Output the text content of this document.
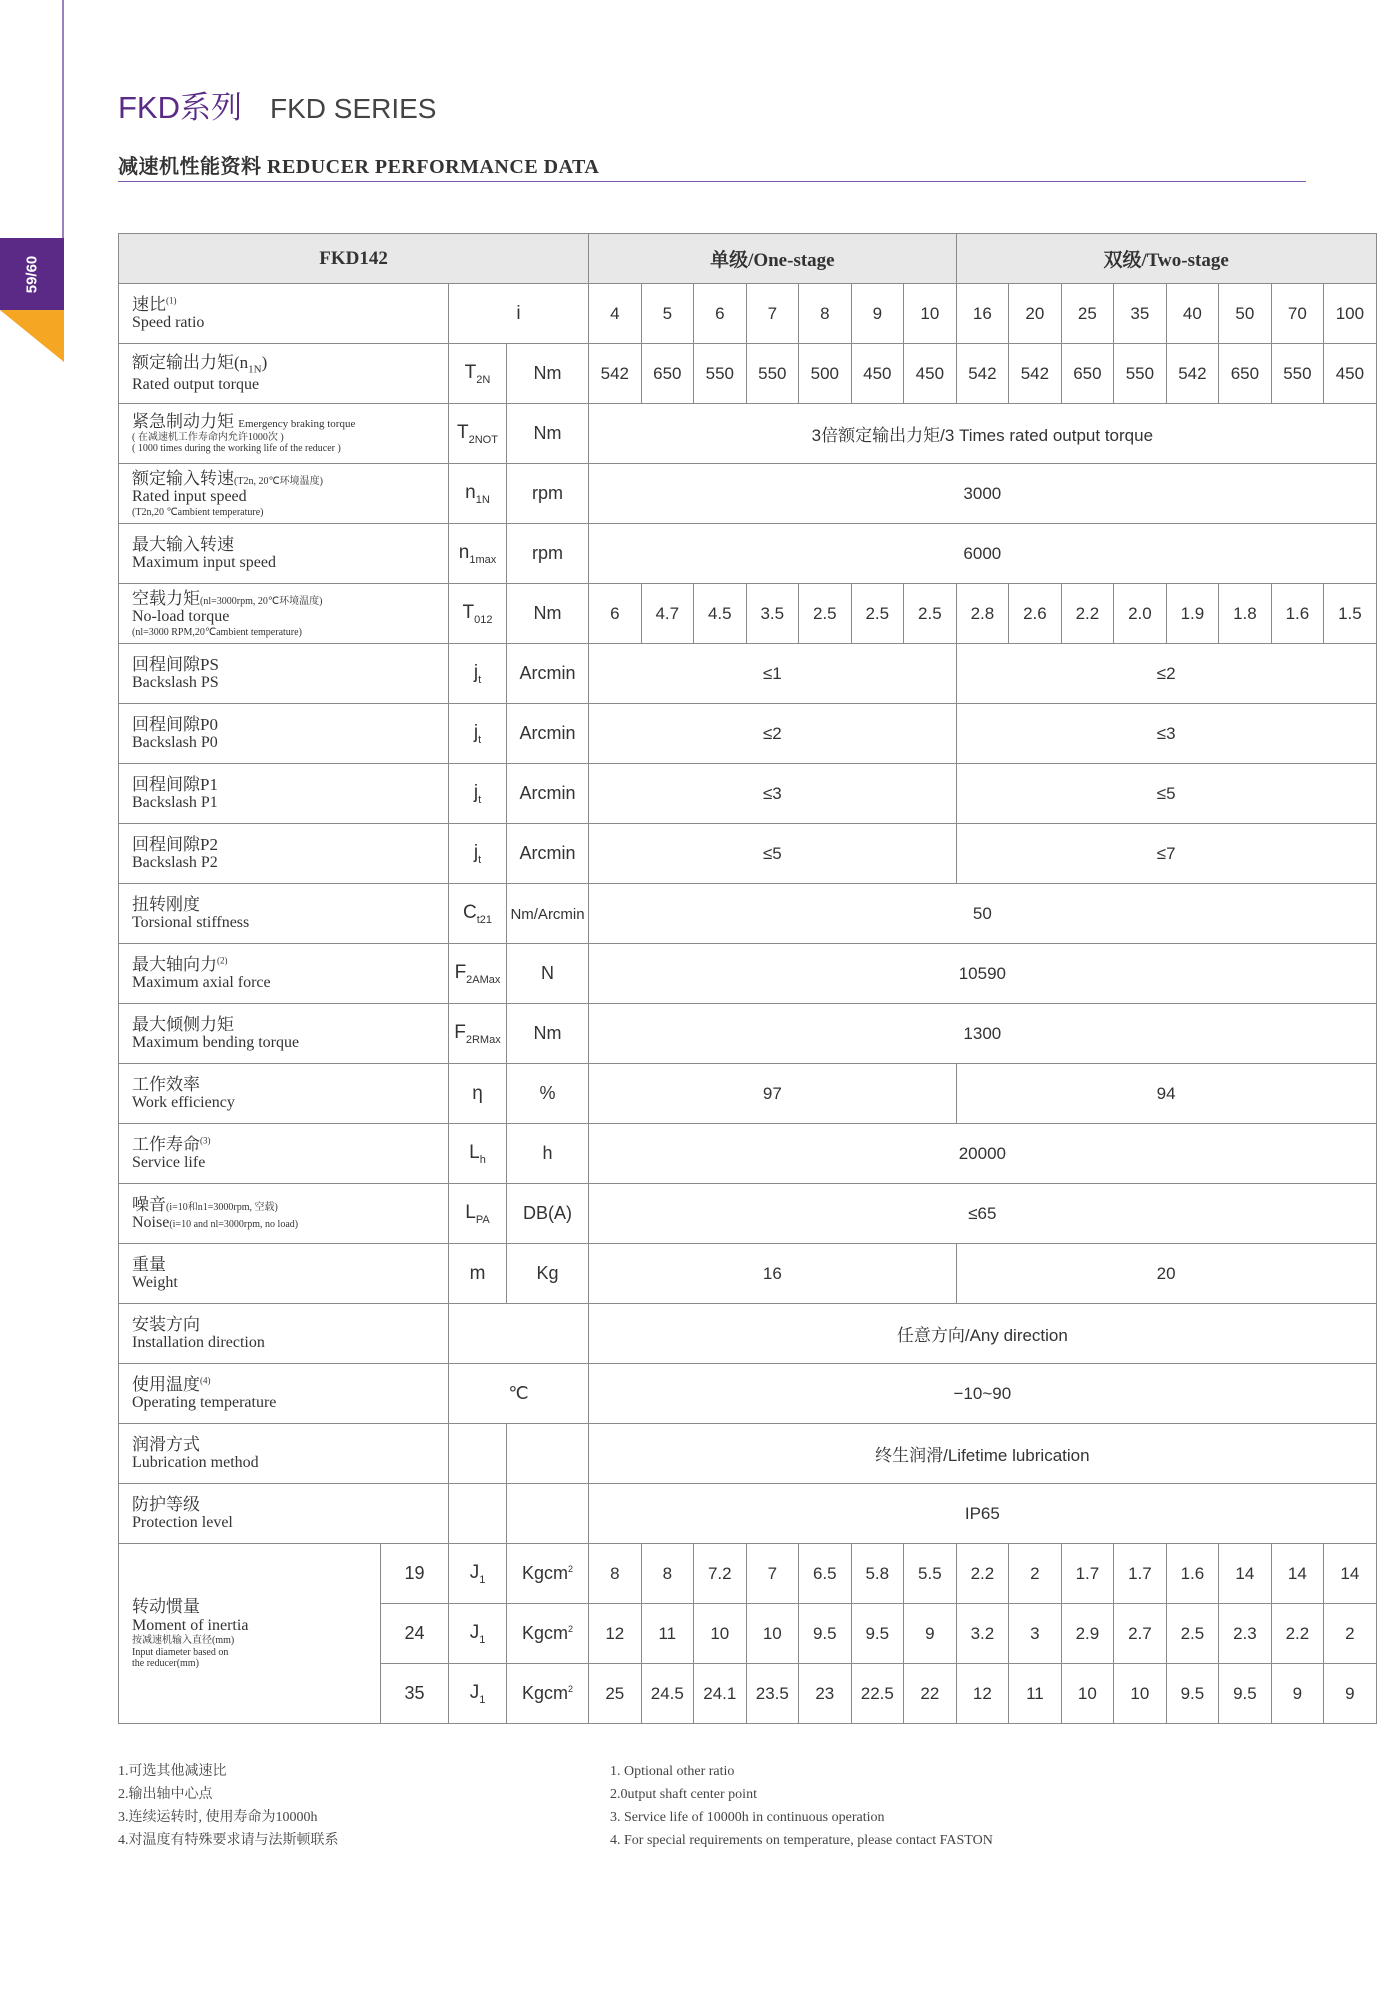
59/60
FKD系列 FKD SERIES
减速机性能资料 REDUCER PERFORMANCE DATA
FKD142				单级/One-stage							双级/Two-stage							

速比$^{(1)}$
Speed ratio		i		4	5	6	7	8	9	10	16	20	25	35	40	50	70	100

额定输出力矩$(n_{1N})$
Rated output torque		$T_{2N}$	Nm	542	650	550	550	500	450	450	542	542	650	550	542	650	550	450

紧急制动力矩 Emergency braking torque
( 在减速机工作寿命内允许1000次 )
( 1000 times during the working life of the reducer )		$T_{2NOT}$	Nm	3倍额定输出力矩/3 Times rated output torque														

额定输入转速(T2n, 20℃环境温度)
Rated input speed
(T2n,20 ℃ambient temperature)		$n_{1N}$	rpm	3000														

最大输入转速
Maximum input speed		$n_{1max}$	rpm	6000														

空载力矩(nl=3000rpm, 20℃环境温度)
No-load torque
(nl=3000 RPM,20℃ambient temperature)		$T_{012}$	Nm	6	4.7	4.5	3.5	2.5	2.5	2.5	2.8	2.6	2.2	2.0	1.9	1.8	1.6	1.5

回程间隙PS
Backslash PS		$j_t$	Arcmin	≤1							≤2							

回程间隙P0
Backslash P0		$j_t$	Arcmin	≤2							≤3							

回程间隙P1
Backslash P1		$j_t$	Arcmin	≤3							≤5							

回程间隙P2
Backslash P2		$j_t$	Arcmin	≤5							≤7							

扭转刚度
Torsional stiffness		$C_{t21}$	Nm/Arcmin	50														

最大轴向力$^{(2)}$
Maximum axial force		$F_{2AMax}$	N	10590														

最大倾侧力矩
Maximum bending torque		$F_{2RMax}$	Nm	1300														

工作效率
Work efficiency		η	%	97							94							

工作寿命$^{(3)}$
Service life		$L_h$	h	20000														

噪音(i=10和n1=3000rpm, 空载)
Noise(i=10 and nl=3000rpm, no load)		$L_{PA}$	DB(A)	≤65														

重量
Weight		m	Kg	16							20							

安装方向
Installation direction				任意方向/Any direction														

使用温度$^{(4)}$
Operating temperature		℃		−10~90														

润滑方式
Lubrication method				终生润滑/Lifetime lubrication														

防护等级
Protection level				IP65														

转动惯量
Moment of inertia
按减速机输入直径(mm)
Input diameter based on
the reducer(mm)	19	$J_1$	Kgcm$^2$	8	8	7.2	7	6.5	5.8	5.5	2.2	2	1.7	1.7	1.6	14	14	14
	24	$J_1$	Kgcm$^2$	12	11	10	10	9.5	9.5	9	3.2	3	2.9	2.7	2.5	2.3	2.2	2
	35	$J_1$	Kgcm$^2$	25	24.5	24.1	23.5	23	22.5	22	12	11	10	10	9.5	9.5	9	9
1.可选其他减速比
2.输出轴中心点
3.连续运转时, 使用寿命为10000h
4.对温度有特殊要求请与法斯顿联系
1. Optional other ratio
2.0utput shaft center point
3. Service life of 10000h in continuous operation
4. For special requirements on temperature, please contact FASTON
